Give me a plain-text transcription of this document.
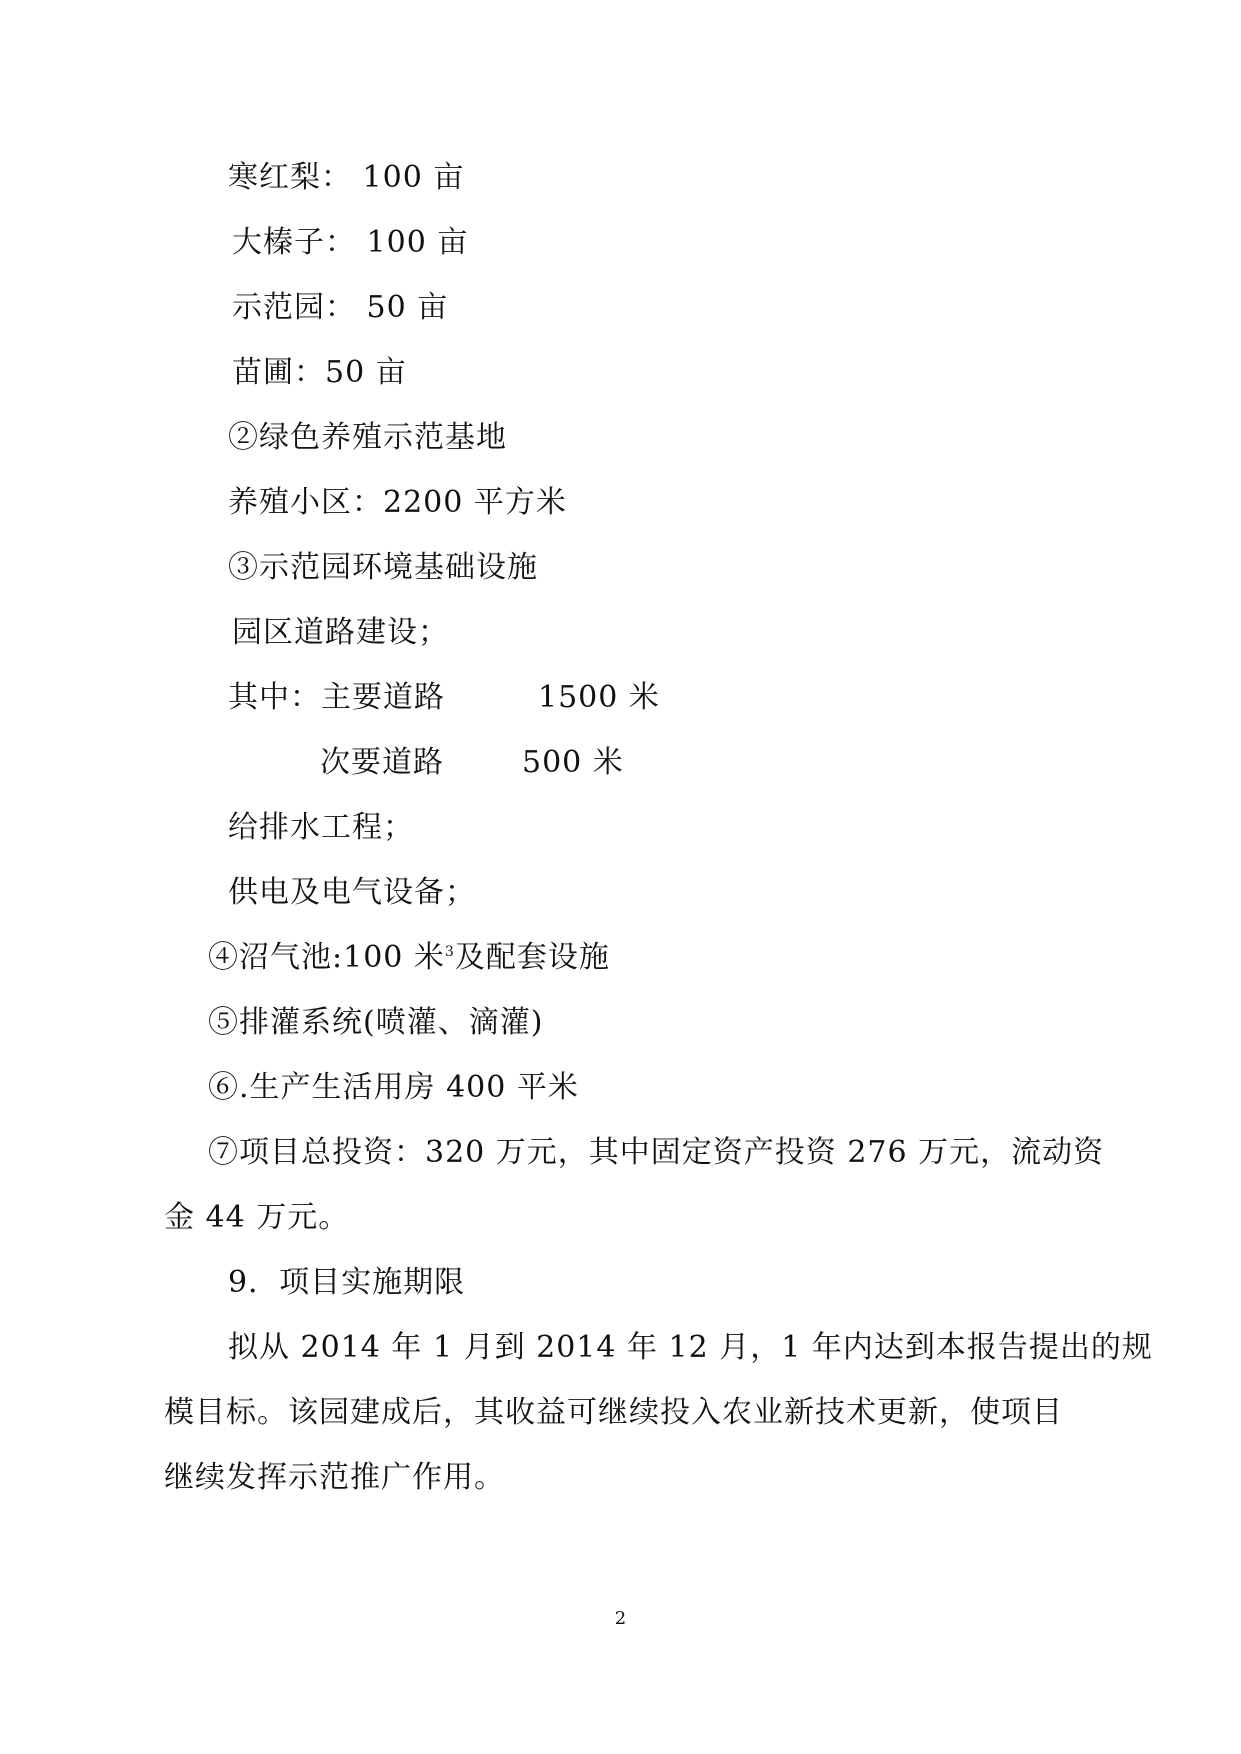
寒红梨： 100 亩
大榛子： 100 亩
示范园： 50 亩
苗圃：50 亩
②绿色养殖示范基地
养殖小区：2200 平方米
③示范园环境基础设施
园区道路建设；
其中：主要道路	1500 米
次要道路	500 米
给排水工程；
供电及电气设备；
④沼气池:100 米$^3$及配套设施
⑤排灌系统(喷灌、滴灌)
⑥.生产生活用房 400 平米
⑦项目总投资：320 万元，其中固定资产投资 276 万元，流动资
金 44 万元。
9．项目实施期限
拟从 2014 年 1 月到 2014 年 12 月，1 年内达到本报告提出的规
模目标。该园建成后，其收益可继续投入农业新技术更新，使项目
继续发挥示范推广作用。
2
